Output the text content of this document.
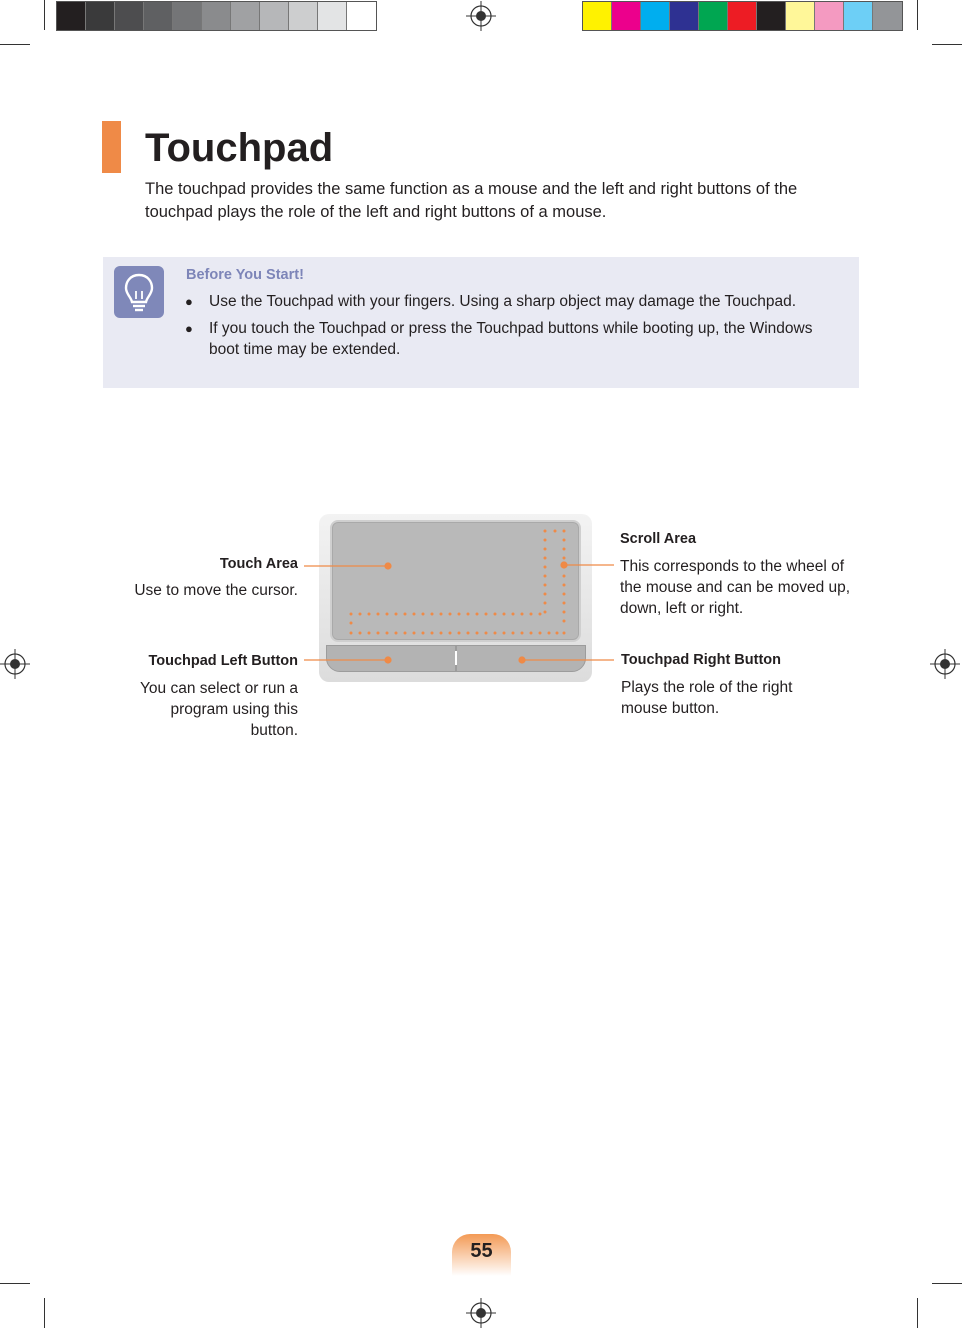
Touchpad
The touchpad provides the same function as a mouse and the left and right buttons of the touchpad plays the role of the left and right buttons of a mouse.
Before You Start!
● Use the Touchpad with your fingers. Using a sharp object may damage the Touchpad.
● If you touch the Touchpad or press the Touchpad buttons while booting up, the Windows boot time may be extended.
Touch Area
Use to move the cursor.
Touchpad Left Button
You can select or run a program using this button.
Scroll Area
This corresponds to the wheel of the mouse and can be moved up, down, left or right.
Touchpad Right Button
Plays the role of the right mouse button.
55
